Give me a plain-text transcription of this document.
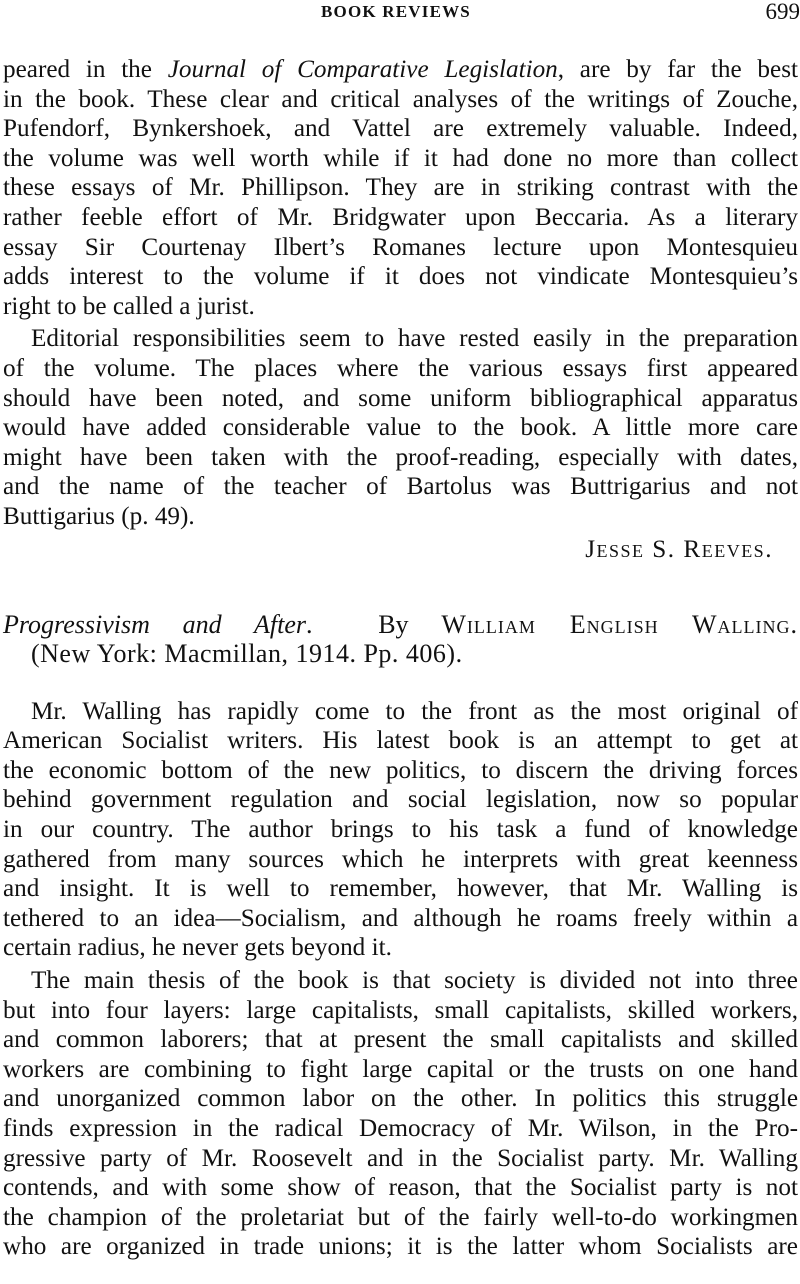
BOOK REVIEWS	699
peared in the Journal of Comparative Legislation, are by far the best
in the book. These clear and critical analyses of the writings of Zouche,
Pufendorf, Bynkershoek, and Vattel are extremely valuable. Indeed,
the volume was well worth while if it had done no more than collect
these essays of Mr. Phillipson. They are in striking contrast with the
rather feeble effort of Mr. Bridgwater upon Beccaria. As a literary
essay Sir Courtenay Ilbert’s Romanes lecture upon Montesquieu
adds interest to the volume if it does not vindicate Montesquieu’s
right to be called a jurist.
Editorial responsibilities seem to have rested easily in the preparation
of the volume. The places where the various essays first appeared
should have been noted, and some uniform bibliographical apparatus
would have added considerable value to the book. A little more care
might have been taken with the proof-reading, especially with dates,
and the name of the teacher of Bartolus was Buttrigarius and not
Buttigarius (p. 49).
Jesse S. Reeves.
Progressivism and After.	By William English Walling.
(New York: Macmillan, 1914. Pp. 406).
Mr. Walling has rapidly come to the front as the most original of
American Socialist writers. His latest book is an attempt to get at
the economic bottom of the new politics, to discern the driving forces
behind government regulation and social legislation, now so popular
in our country. The author brings to his task a fund of knowledge
gathered from many sources which he interprets with great keenness
and insight. It is well to remember, however, that Mr. Walling is
tethered to an idea—Socialism, and although he roams freely within a
certain radius, he never gets beyond it.
The main thesis of the book is that society is divided not into three
but into four layers: large capitalists, small capitalists, skilled workers,
and common laborers; that at present the small capitalists and skilled
workers are combining to fight large capital or the trusts on one hand
and unorganized common labor on the other. In politics this struggle
finds expression in the radical Democracy of Mr. Wilson, in the Pro-
gressive party of Mr. Roosevelt and in the Socialist party. Mr. Walling
contends, and with some show of reason, that the Socialist party is not
the champion of the proletariat but of the fairly well-to-do workingmen
who are organized in trade unions; it is the latter whom Socialists are
